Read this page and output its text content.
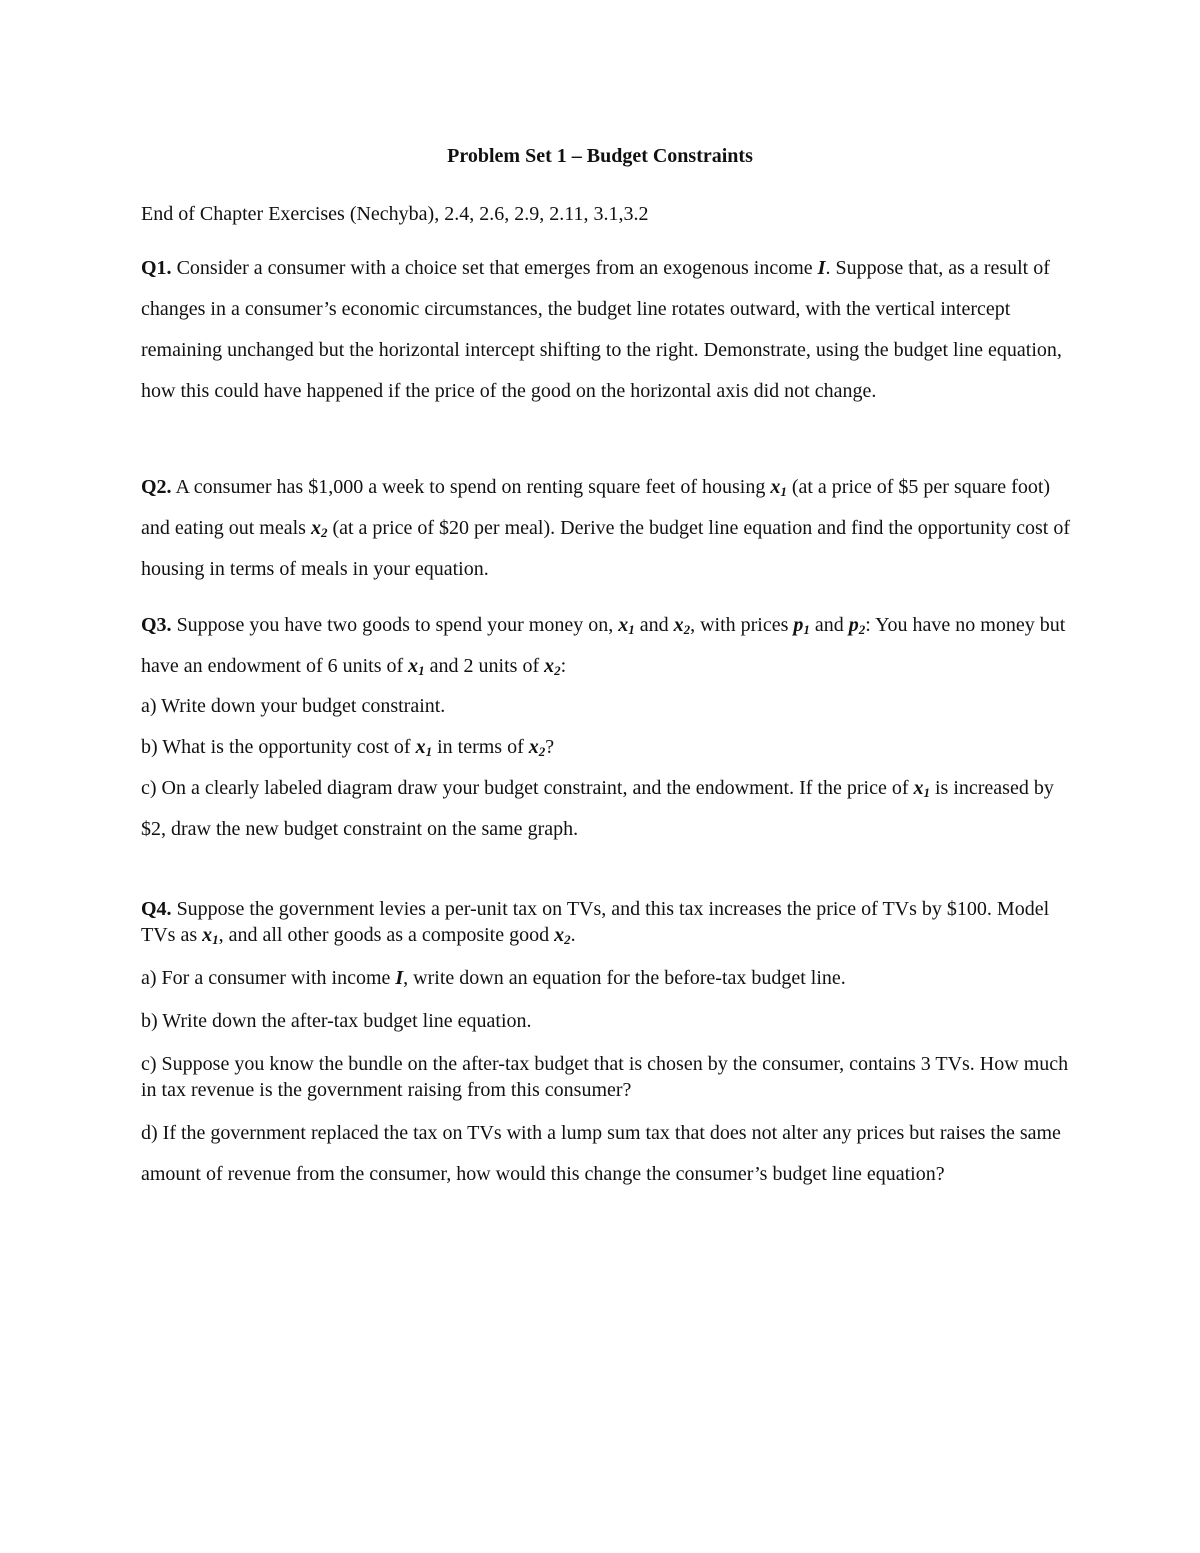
Problem Set 1 – Budget Constraints

End of Chapter Exercises (Nechyba), 2.4, 2.6, 2.9, 2.11, 3.1,3.2

Q1. Consider a consumer with a choice set that emerges from an exogenous income I. Suppose that, as a result of changes in a consumer’s economic circumstances, the budget line rotates outward, with the vertical intercept remaining unchanged but the horizontal intercept shifting to the right. Demonstrate, using the budget line equation, how this could have happened if the price of the good on the horizontal axis did not change.

Q2. A consumer has $1,000 a week to spend on renting square feet of housing $x_1$ (at a price of $5 per square foot) and eating out meals $x_2$ (at a price of $20 per meal). Derive the budget line equation and find the opportunity cost of housing in terms of meals in your equation.

Q3. Suppose you have two goods to spend your money on, $x_1$ and $x_2$, with prices $p_1$ and $p_2$: You have no money but have an endowment of 6 units of $x_1$ and 2 units of $x_2$:

a) Write down your budget constraint.

b) What is the opportunity cost of $x_1$ in terms of $x_2$?

c) On a clearly labeled diagram draw your budget constraint, and the endowment. If the price of $x_1$ is increased by $2, draw the new budget constraint on the same graph.

Q4. Suppose the government levies a per-unit tax on TVs, and this tax increases the price of TVs by $100. Model TVs as $x_1$, and all other goods as a composite good $x_2$.

a) For a consumer with income I, write down an equation for the before-tax budget line.

b) Write down the after-tax budget line equation.

c) Suppose you know the bundle on the after-tax budget that is chosen by the consumer, contains 3 TVs. How much in tax revenue is the government raising from this consumer?

d) If the government replaced the tax on TVs with a lump sum tax that does not alter any prices but raises the same amount of revenue from the consumer, how would this change the consumer’s budget line equation?
